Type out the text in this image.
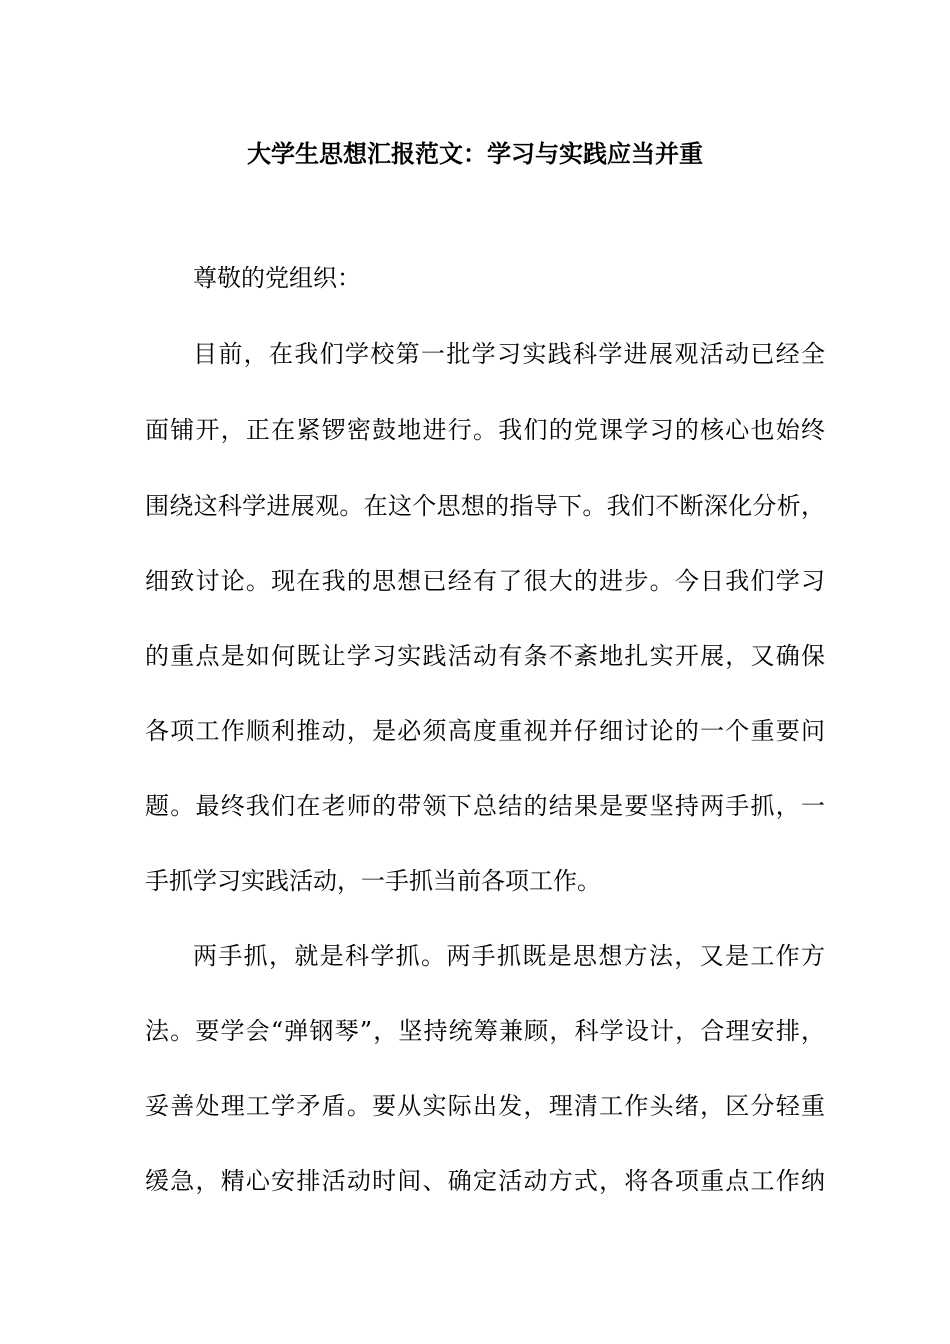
大学生思想汇报范文：学习与实践应当并重
尊敬的党组织：
目前，在我们学校第一批学习实践科学进展观活动已经全
面铺开，正在紧锣密鼓地进行。我们的党课学习的核心也始终
围绕这科学进展观。在这个思想的指导下。我们不断深化分析，
细致讨论。现在我的思想已经有了很大的进步。今日我们学习
的重点是如何既让学习实践活动有条不紊地扎实开展，又确保
各项工作顺利推动，是必须高度重视并仔细讨论的一个重要问
题。最终我们在老师的带领下总结的结果是要坚持两手抓，一
手抓学习实践活动，一手抓当前各项工作。
两手抓，就是科学抓。两手抓既是思想方法，又是工作方
法。要学会“弹钢琴”，坚持统筹兼顾，科学设计，合理安排，
妥善处理工学矛盾。要从实际出发，理清工作头绪，区分轻重
缓急，精心安排活动时间、确定活动方式，将各项重点工作纳
